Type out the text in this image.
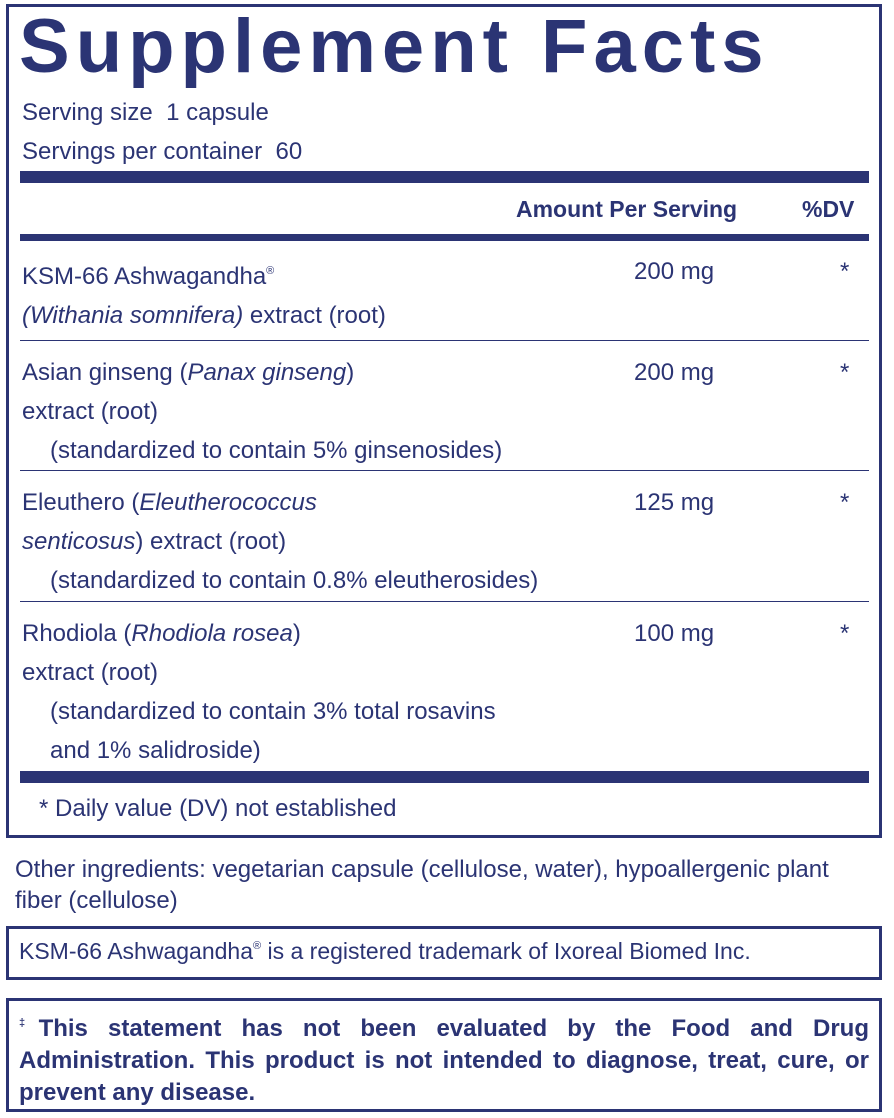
Supplement Facts
Serving size 1 capsule
Servings per container 60
Amount Per Serving	%DV
KSM-66 Ashwagandha®
(Withania somnifera) extract (root)
200 mg	*
Asian ginseng (Panax ginseng)
extract (root)

(standardized to contain 5% ginsenosides)
200 mg	*
Eleuthero (Eleutherococcus
senticosus) extract (root)

(standardized to contain 0.8% eleutherosides)
125 mg	*
Rhodiola (Rhodiola rosea)
extract (root)

(standardized to contain 3% total rosavins
and 1% salidroside)
100 mg	*
* Daily value (DV) not established
Other ingredients: vegetarian capsule (cellulose, water), hypoallergenic plant fiber (cellulose)
KSM-66 Ashwagandha® is a registered trademark of Ixoreal Biomed Inc.
‡This statement has not been evaluated by the Food and Drug Administration. This product is not intended to diagnose, treat, cure, or prevent any disease.
